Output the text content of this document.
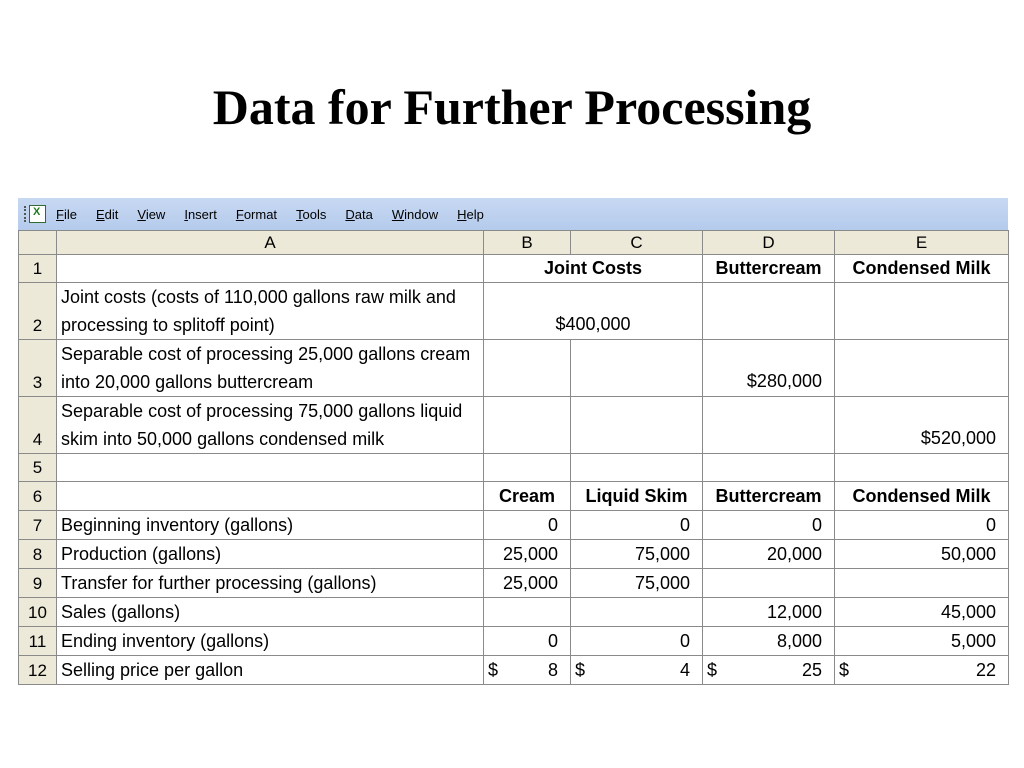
Data for Further Processing
X
File Edit View Insert Format Tools Data Window Help
	A	B	C	D	E
1		Joint Costs		Buttercream	Condensed Milk
2	Joint costs (costs of 110,000 gallons raw milk and processing to splitoff point)	$400,000			
3	Separable cost of processing 25,000 gallons cream into 20,000 gallons buttercream			$280,000	
4	Separable cost of processing 75,000 gallons liquid skim into 50,000 gallons condensed milk				$520,000
5					
6		Cream	Liquid Skim	Buttercream	Condensed Milk
7	Beginning inventory (gallons)	0	0	0	0
8	Production (gallons)	25,000	75,000	20,000	50,000
9	Transfer for further processing (gallons)	25,000	75,000		
10	Sales (gallons)			12,000	45,000
11	Ending inventory (gallons)	0	0	8,000	5,000
12	Selling price per gallon	$ 8	$ 4	$ 25	$ 22
